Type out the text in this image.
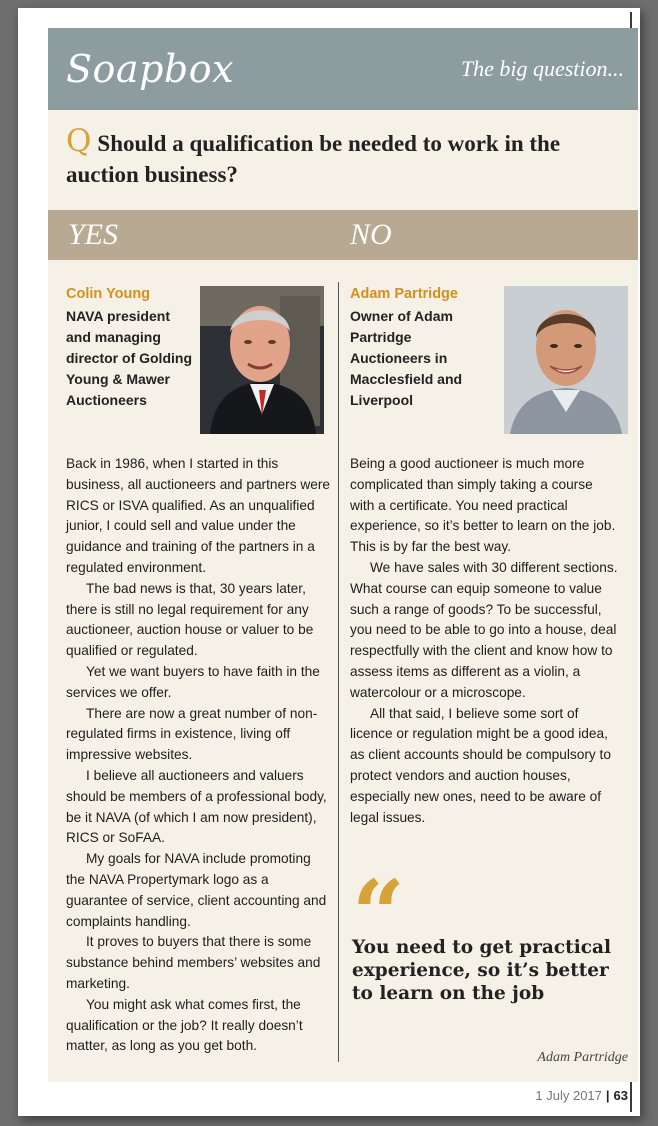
Soapbox	The big question...
Q Should a qualification be needed to work in the auction business?
YES	NO
Colin Young
NAVA president
and managing
director of Golding
Young & Mawer
Auctioneers

Back in 1986, when I started in this business, all auctioneers and partners were RICS or ISVA qualified. As an unqualified junior, I could sell and value under the guidance and training of the partners in a regulated environment.

The bad news is that, 30 years later, there is still no legal requirement for any auctioneer, auction house or valuer to be qualified or regulated.

Yet we want buyers to have faith in the services we offer.

There are now a great number of non-regulated firms in existence, living off impressive websites.

I believe all auctioneers and valuers should be members of a professional body, be it NAVA (of which I am now president), RICS or SoFAA.

My goals for NAVA include promoting the NAVA Propertymark logo as a guarantee of service, client accounting and complaints handling.

It proves to buyers that there is some substance behind members’ websites and marketing.

You might ask what comes first, the qualification or the job? It really doesn’t matter, as long as you get both.

Adam Partridge
Owner of Adam
Partridge
Auctioneers in
Macclesfield and
Liverpool

Being a good auctioneer is much more complicated than simply taking a course with a certificate. You need practical experience, so it’s better to learn on the job. This is by far the best way.

We have sales with 30 different sections. What course can equip someone to value such a range of goods? To be successful, you need to be able to go into a house, deal respectfully with the client and know how to assess items as different as a violin, a watercolour or a microscope.

All that said, I believe some sort of licence or regulation might be a good idea, as client accounts should be compulsory to protect vendors and auction houses, especially new ones, need to be aware of legal issues.

“
You need to get practical experience, so it’s better to learn on the job
Adam Partridge
1 July 2017 | 63
